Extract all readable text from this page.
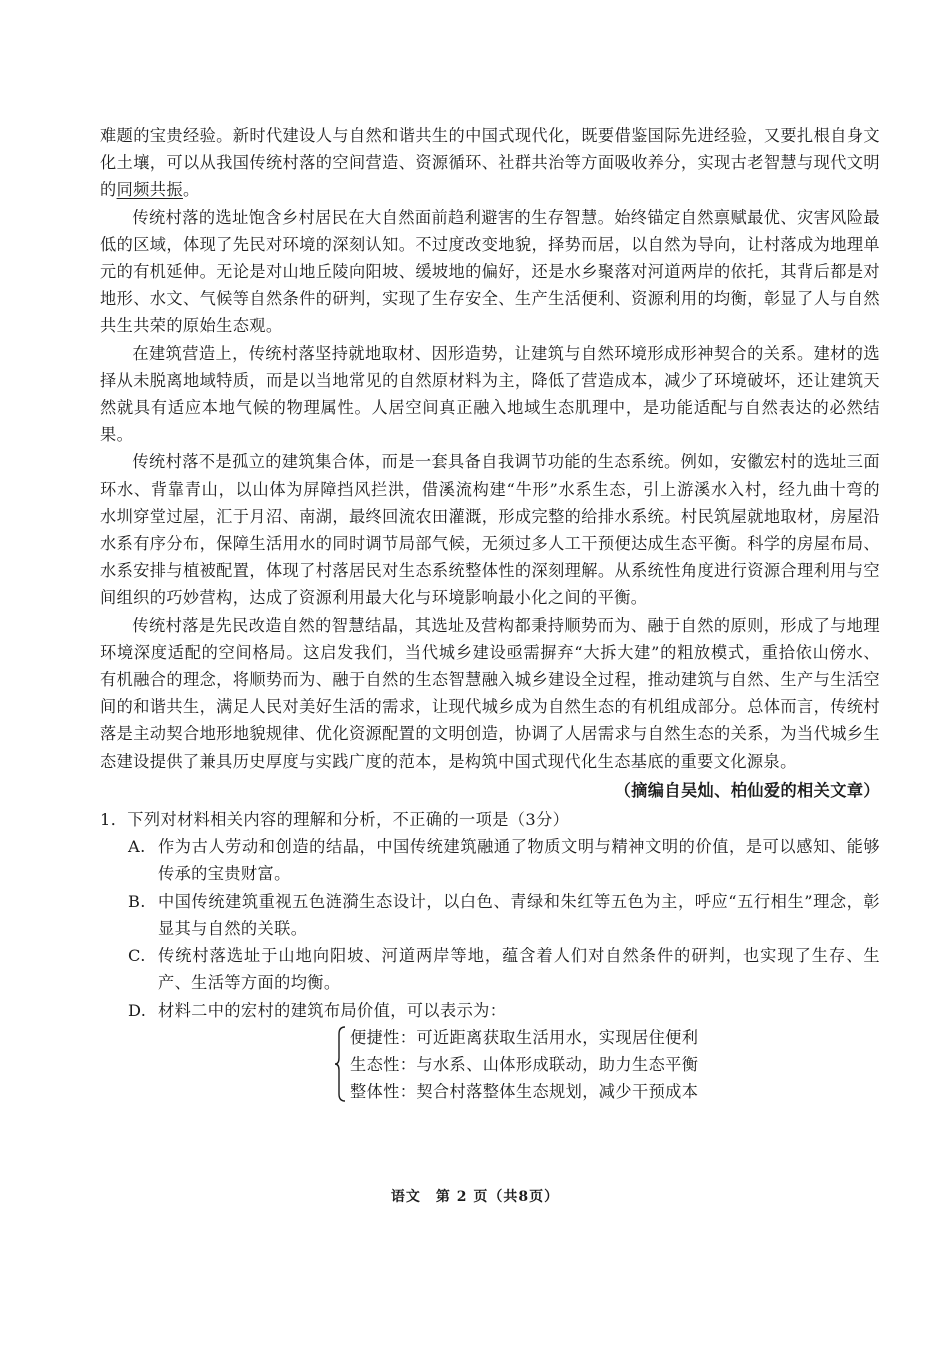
难题的宝贵经验。新时代建设人与自然和谐共生的中国式现代化，既要借鉴国际先进经验，又要扎根自身文化土壤，可以从我国传统村落的空间营造、资源循环、社群共治等方面吸收养分，实现古老智慧与现代文明的同频共振。

传统村落的选址饱含乡村居民在大自然面前趋利避害的生存智慧。始终锚定自然禀赋最优、灾害风险最低的区域，体现了先民对环境的深刻认知。不过度改变地貌，择势而居，以自然为导向，让村落成为地理单元的有机延伸。无论是对山地丘陵向阳坡、缓坡地的偏好，还是水乡聚落对河道两岸的依托，其背后都是对地形、水文、气候等自然条件的研判，实现了生存安全、生产生活便利、资源利用的均衡，彰显了人与自然共生共荣的原始生态观。

在建筑营造上，传统村落坚持就地取材、因形造势，让建筑与自然环境形成形神契合的关系。建材的选择从未脱离地域特质，而是以当地常见的自然原材料为主，降低了营造成本，减少了环境破坏，还让建筑天然就具有适应本地气候的物理属性。人居空间真正融入地域生态肌理中，是功能适配与自然表达的必然结果。

传统村落不是孤立的建筑集合体，而是一套具备自我调节功能的生态系统。例如，安徽宏村的选址三面环水、背靠青山，以山体为屏障挡风拦洪，借溪流构建“牛形”水系生态，引上游溪水入村，经九曲十弯的水圳穿堂过屋，汇于月沼、南湖，最终回流农田灌溉，形成完整的给排水系统。村民筑屋就地取材，房屋沿水系有序分布，保障生活用水的同时调节局部气候，无须过多人工干预便达成生态平衡。科学的房屋布局、水系安排与植被配置，体现了村落居民对生态系统整体性的深刻理解。从系统性角度进行资源合理利用与空间组织的巧妙营构，达成了资源利用最大化与环境影响最小化之间的平衡。

传统村落是先民改造自然的智慧结晶，其选址及营构都秉持顺势而为、融于自然的原则，形成了与地理环境深度适配的空间格局。这启发我们，当代城乡建设亟需摒弃“大拆大建”的粗放模式，重拾依山傍水、有机融合的理念，将顺势而为、融于自然的生态智慧融入城乡建设全过程，推动建筑与自然、生产与生活空间的和谐共生，满足人民对美好生活的需求，让现代城乡成为自然生态的有机组成部分。总体而言，传统村落是主动契合地形地貌规律、优化资源配置的文明创造，协调了人居需求与自然生态的关系，为当代城乡生态建设提供了兼具历史厚度与实践广度的范本，是构筑中国式现代化生态基底的重要文化源泉。

（摘编自吴灿、柏仙爱的相关文章）

1．下列对材料相关内容的理解和分析，不正确的一项是（3分）

A. 作为古人劳动和创造的结晶，中国传统建筑融通了物质文明与精神文明的价值，是可以感知、能够传承的宝贵财富。
B. 中国传统建筑重视五色涟漪生态设计，以白色、青绿和朱红等五色为主，呼应“五行相生”理念，彰显其与自然的关联。
C. 传统村落选址于山地向阳坡、河道两岸等地，蕴含着人们对自然条件的研判，也实现了生存、生产、生活等方面的均衡。
D. 材料二中的宏村的建筑布局价值，可以表示为：
便捷性：可近距离获取生活用水，实现居住便利
生态性：与水系、山体形成联动，助力生态平衡
整体性：契合村落整体生态规划，减少干预成本
语文　第 2 页（共8页）
